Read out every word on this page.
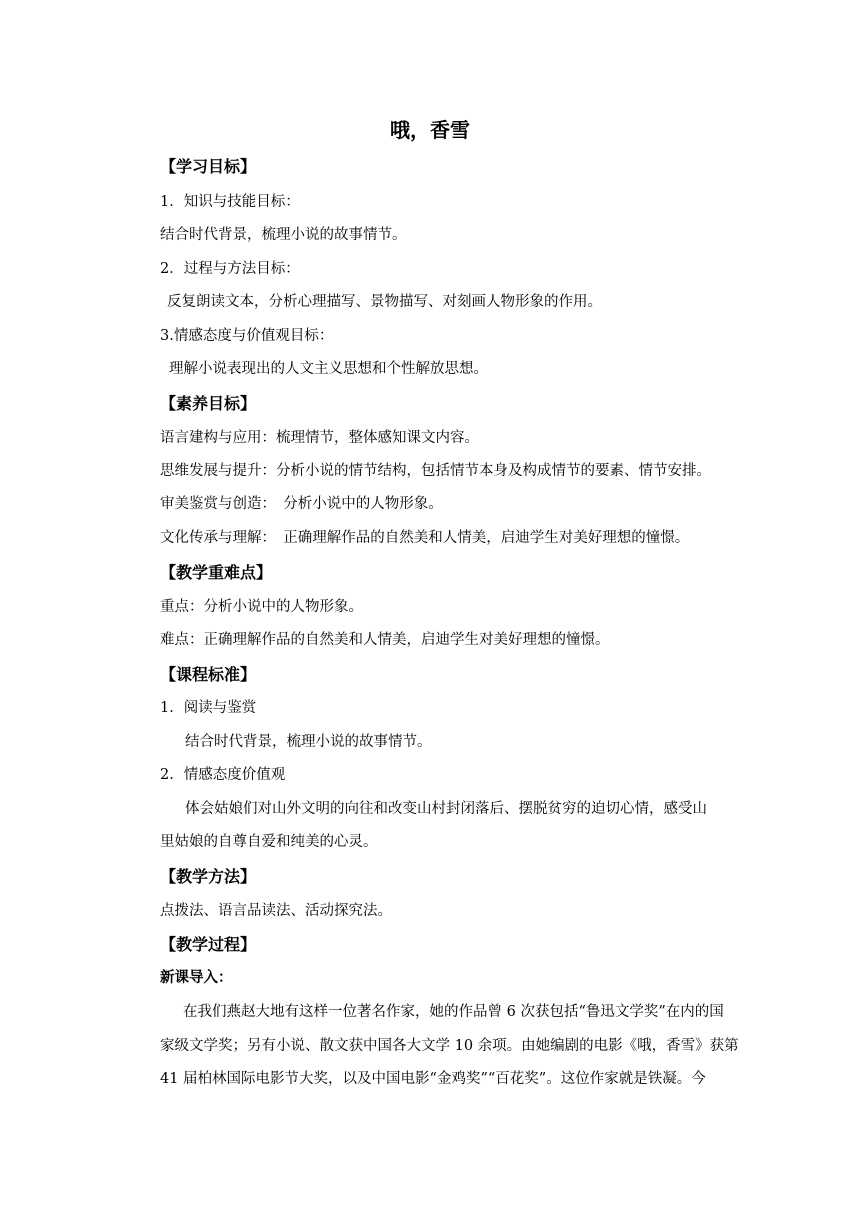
哦，香雪
【学习目标】
1．知识与技能目标：
结合时代背景，梳理小说的故事情节。
2．过程与方法目标：
反复朗读文本，分析心理描写、景物描写、对刻画人物形象的作用。
3.情感态度与价值观目标：
理解小说表现出的人文主义思想和个性解放思想。
【素养目标】
语言建构与应用：梳理情节，整体感知课文内容。
思维发展与提升：分析小说的情节结构，包括情节本身及构成情节的要素、情节安排。
审美鉴赏与创造：　分析小说中的人物形象。
文化传承与理解：　正确理解作品的自然美和人情美，启迪学生对美好理想的憧憬。
【教学重难点】
重点：分析小说中的人物形象。
难点：正确理解作品的自然美和人情美，启迪学生对美好理想的憧憬。
【课程标准】
1．阅读与鉴赏
结合时代背景，梳理小说的故事情节。
2．情感态度价值观
体会姑娘们对山外文明的向往和改变山村封闭落后、摆脱贫穷的迫切心情，感受山
里姑娘的自尊自爱和纯美的心灵。
【教学方法】
点拨法、语言品读法、活动探究法。
【教学过程】
新课导入：
在我们燕赵大地有这样一位著名作家，她的作品曾 6 次获包括“鲁迅文学奖”在内的国
家级文学奖；另有小说、散文获中国各大文学 10 余项。由她编剧的电影《哦，香雪》获第
41 届柏林国际电影节大奖，以及中国电影“金鸡奖”“百花奖”。这位作家就是铁凝。今
